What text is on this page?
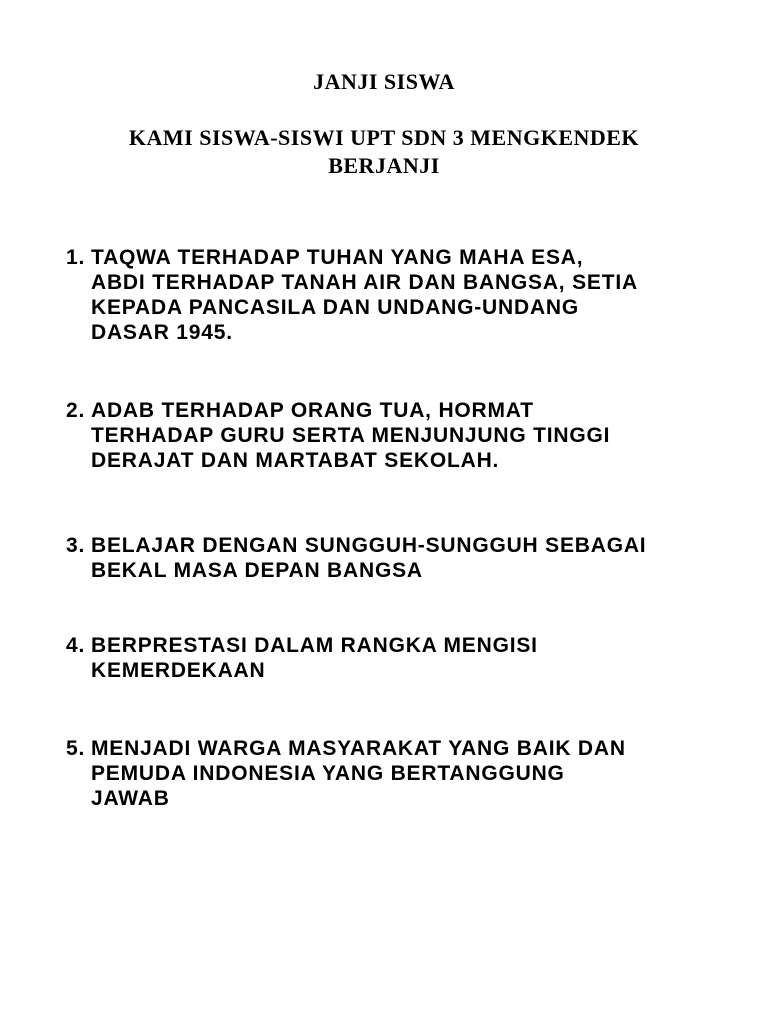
JANJI SISWA
KAMI SISWA-SISWI UPT SDN 3 MENGKENDEK
BERJANJI
1. TAQWA TERHADAP TUHAN YANG MAHA ESA,
ABDI TERHADAP TANAH AIR DAN BANGSA, SETIA
KEPADA PANCASILA DAN UNDANG-UNDANG
DASAR 1945.
2. ADAB TERHADAP ORANG TUA, HORMAT
TERHADAP GURU SERTA MENJUNJUNG TINGGI
DERAJAT DAN MARTABAT SEKOLAH.
3. BELAJAR DENGAN SUNGGUH-SUNGGUH SEBAGAI
BEKAL MASA DEPAN BANGSA
4. BERPRESTASI DALAM RANGKA MENGISI
KEMERDEKAAN
5. MENJADI WARGA MASYARAKAT YANG BAIK DAN
PEMUDA INDONESIA YANG BERTANGGUNG
JAWAB
